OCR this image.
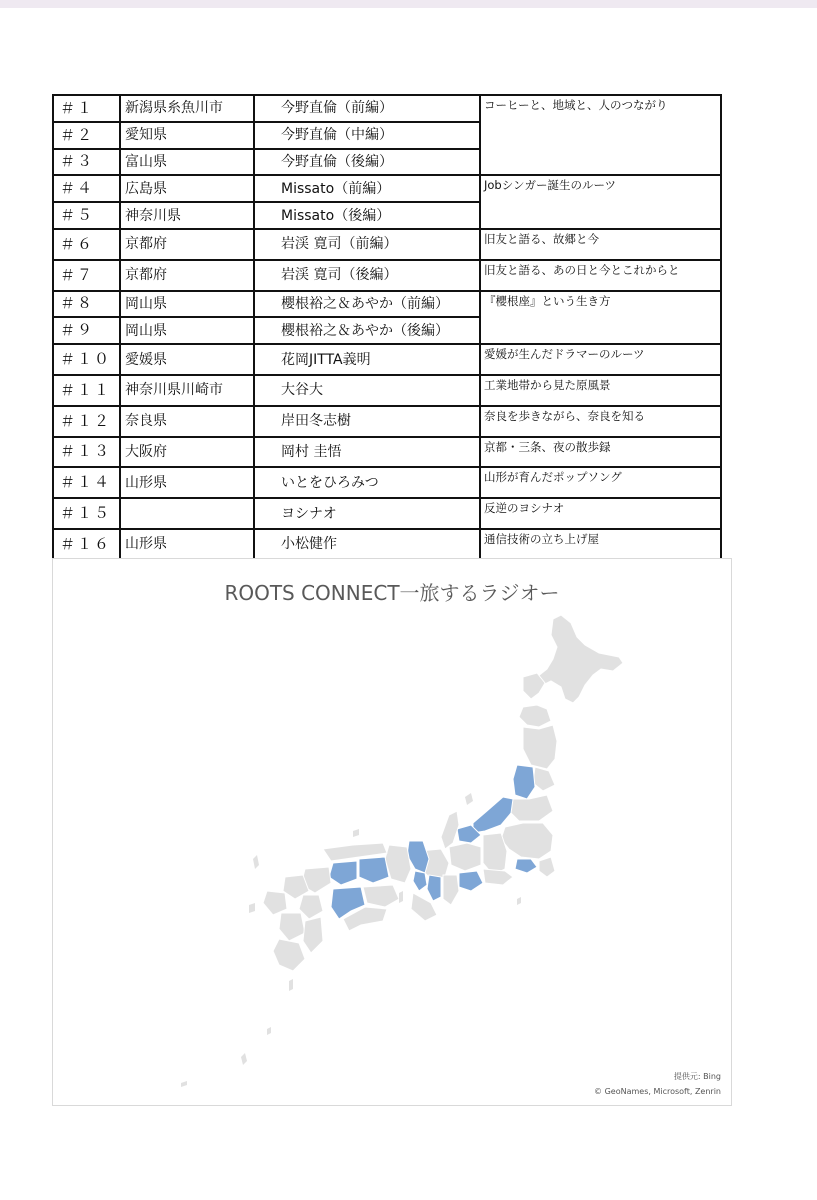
＃１	新潟県糸魚川市	今野直倫（前編）	コーヒーと、地域と、人のつながり
＃２	愛知県	今野直倫（中編）	
＃３	富山県	今野直倫（後編）	
＃４	広島県	Missato（前編）	Jobシンガー誕生のルーツ
＃５	神奈川県	Missato（後編）	
＃６	京都府	岩渓 寛司（前編）	旧友と語る、故郷と今
＃７	京都府	岩渓 寛司（後編）	旧友と語る、あの日と今とこれからと
＃８	岡山県	櫻根裕之＆あやか（前編）	『櫻根座』という生き方
＃９	岡山県	櫻根裕之＆あやか（後編）	
＃１０	愛媛県	花岡JITTA義明	愛媛が生んだドラマーのルーツ
＃１１	神奈川県川崎市	大谷大	工業地帯から見た原風景
＃１２	奈良県	岸田冬志樹	奈良を歩きながら、奈良を知る
＃１３	大阪府	岡村 圭悟	京都・三条、夜の散歩録
＃１４	山形県	いとをひろみつ	山形が育んだポップソング
＃１５		ヨシナオ	反逆のヨシナオ
＃１６	山形県	小松健作	通信技術の立ち上げ屋
ROOTS CONNECT一旅するラジオー
提供元: Bing
© GeoNames, Microsoft, Zenrin
